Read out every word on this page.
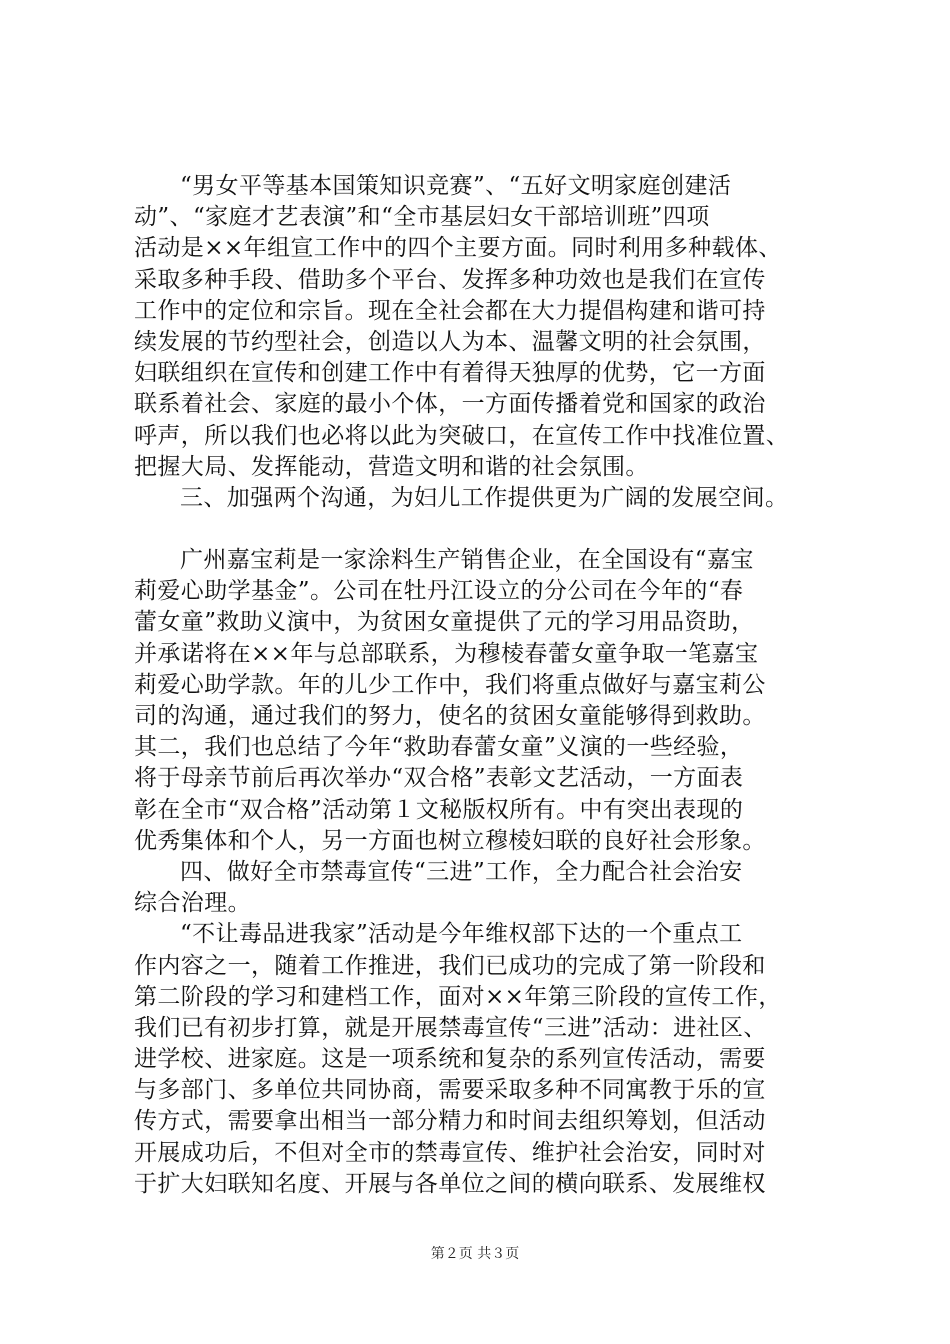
“男女平等基本国策知识竞赛”、“五好文明家庭创建活
动”、“家庭才艺表演”和“全市基层妇女干部培训班”四项
活动是××年组宣工作中的四个主要方面。同时利用多种载体、
采取多种手段、借助多个平台、发挥多种功效也是我们在宣传
工作中的定位和宗旨。现在全社会都在大力提倡构建和谐可持
续发展的节约型社会，创造以人为本、温馨文明的社会氛围，
妇联组织在宣传和创建工作中有着得天独厚的优势，它一方面
联系着社会、家庭的最小个体，一方面传播着党和国家的政治
呼声，所以我们也必将以此为突破口，在宣传工作中找准位置、
把握大局、发挥能动，营造文明和谐的社会氛围。
三、加强两个沟通，为妇儿工作提供更为广阔的发展空间。
广州嘉宝莉是一家涂料生产销售企业，在全国设有“嘉宝
莉爱心助学基金”。公司在牡丹江设立的分公司在今年的“春
蕾女童”救助义演中，为贫困女童提供了元的学习用品资助，
并承诺将在××年与总部联系，为穆棱春蕾女童争取一笔嘉宝
莉爱心助学款。年的儿少工作中，我们将重点做好与嘉宝莉公
司的沟通，通过我们的努力，使名的贫困女童能够得到救助。
其二，我们也总结了今年“救助春蕾女童”义演的一些经验，
将于母亲节前后再次举办“双合格”表彰文艺活动，一方面表
彰在全市“双合格”活动第１文秘版权所有。中有突出表现的
优秀集体和个人，另一方面也树立穆棱妇联的良好社会形象。
四、做好全市禁毒宣传“三进”工作，全力配合社会治安
综合治理。
“不让毒品进我家”活动是今年维权部下达的一个重点工
作内容之一，随着工作推进，我们已成功的完成了第一阶段和
第二阶段的学习和建档工作，面对××年第三阶段的宣传工作，
我们已有初步打算，就是开展禁毒宣传“三进”活动：进社区、
进学校、进家庭。这是一项系统和复杂的系列宣传活动，需要
与多部门、多单位共同协商，需要采取多种不同寓教于乐的宣
传方式，需要拿出相当一部分精力和时间去组织筹划，但活动
开展成功后，不但对全市的禁毒宣传、维护社会治安，同时对
于扩大妇联知名度、开展与各单位之间的横向联系、发展维权
第２页 共３页
